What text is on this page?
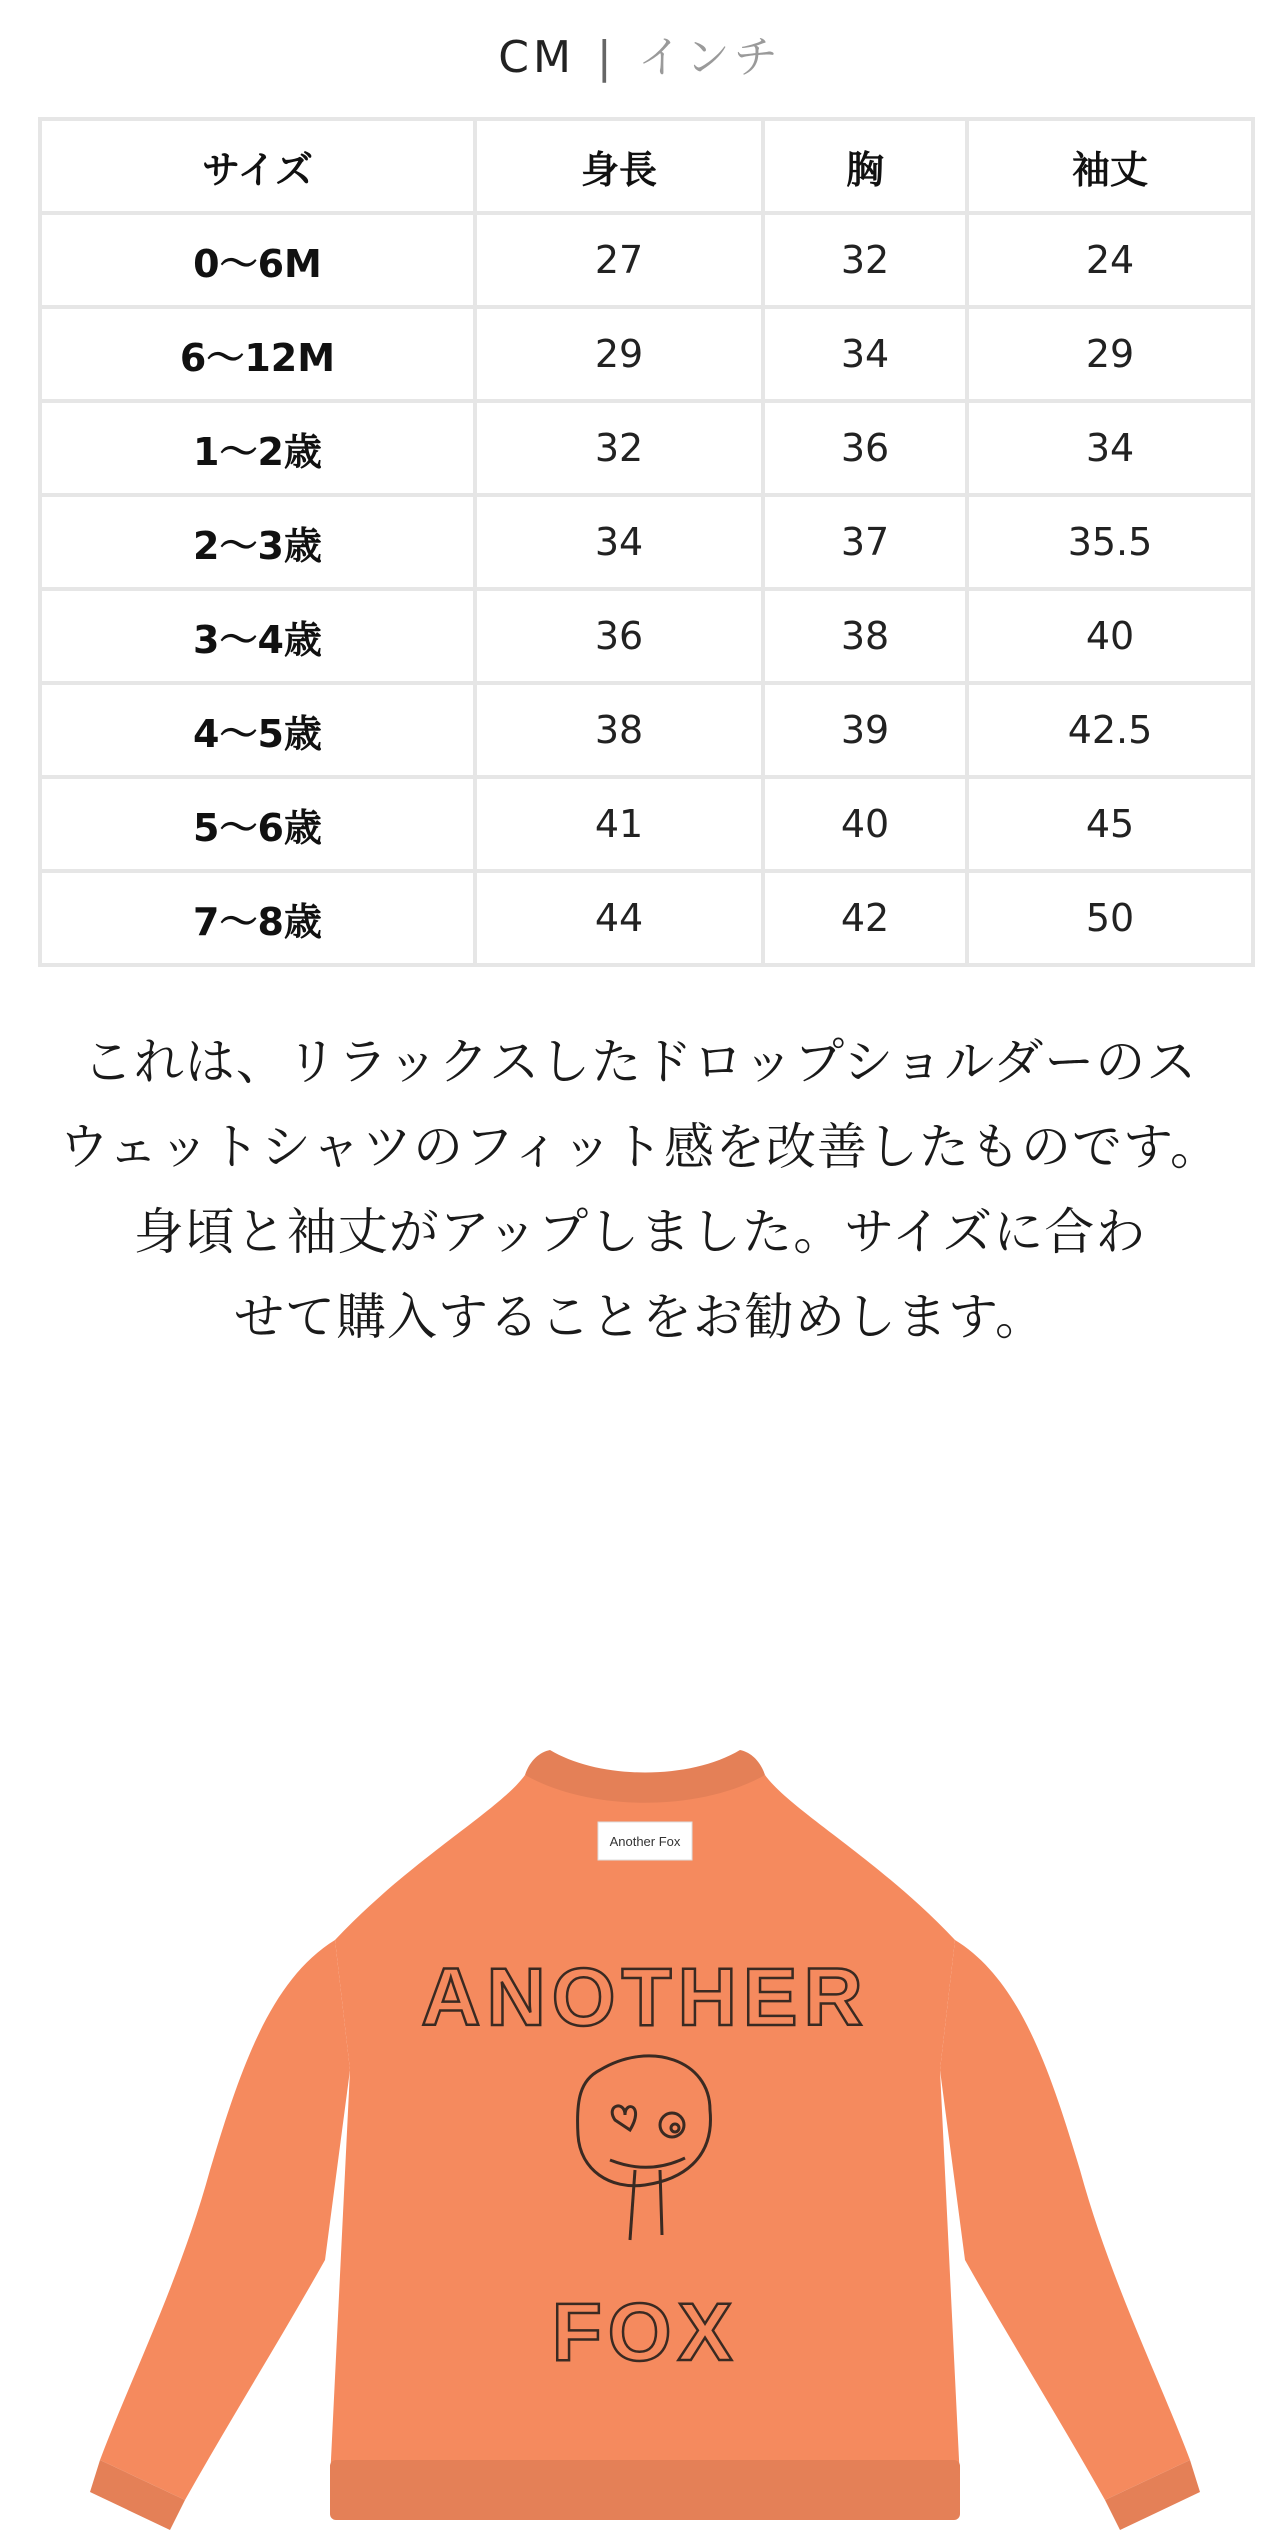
CM | インチ
サイズ	身長	胸	袖丈
0〜6M	27	32	24
6〜12M	29	34	29
1〜2歳	32	36	34
2〜3歳	34	37	35.5
3〜4歳	36	38	40
4〜5歳	38	39	42.5
5〜6歳	41	40	45
7〜8歳	44	42	50
これは、リラックスしたドロップショルダーのス
ウェットシャツのフィット感を改善したものです。
身頃と袖丈がアップしました。サイズに合わ
せて購入することをお勧めします。
Another Fox
ANOTHER
FOX
